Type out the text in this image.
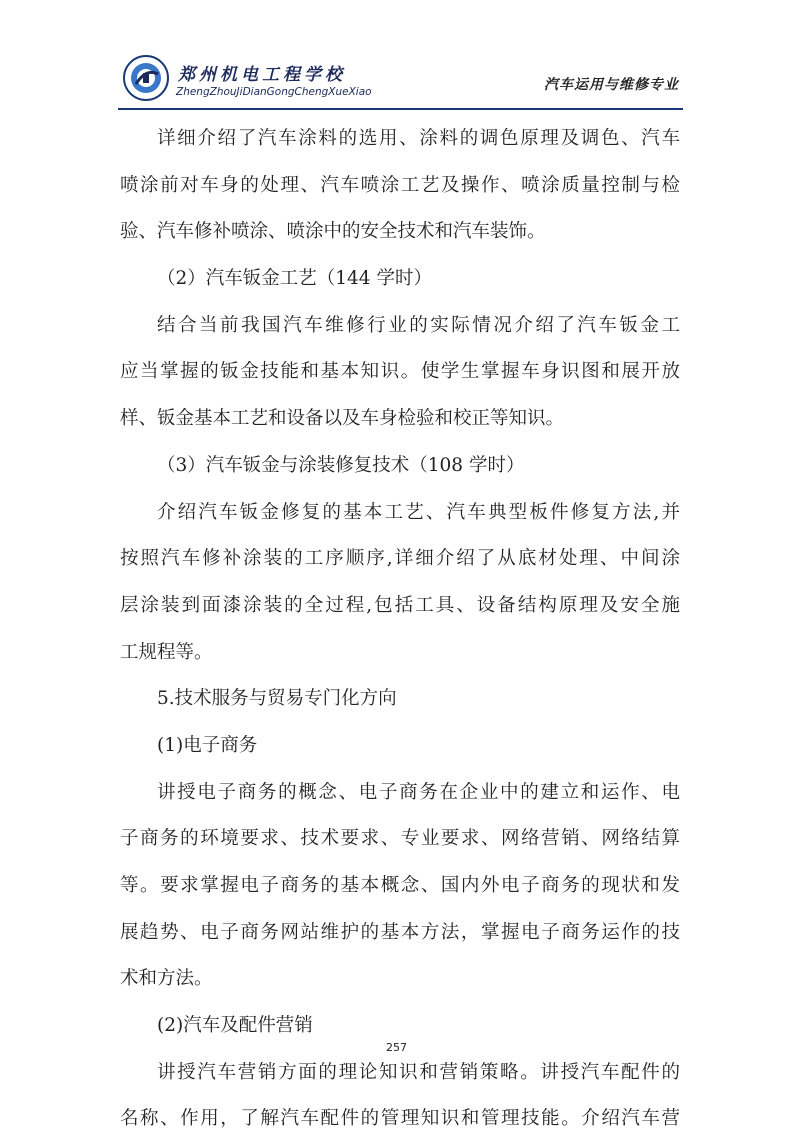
郑州机电工程学校
ZhengZhouJiDianGongChengXueXiao	汽车运用与维修专业
详细介绍了汽车涂料的选用、涂料的调色原理及调色、汽车
喷涂前对车身的处理、汽车喷涂工艺及操作、喷涂质量控制与检
验、汽车修补喷涂、喷涂中的安全技术和汽车装饰。
（2）汽车钣金工艺（144 学时）
结合当前我国汽车维修行业的实际情况介绍了汽车钣金工
应当掌握的钣金技能和基本知识。使学生掌握车身识图和展开放
样、钣金基本工艺和设备以及车身检验和校正等知识。
（3）汽车钣金与涂装修复技术（108 学时）
介绍汽车钣金修复的基本工艺、汽车典型板件修复方法,并
按照汽车修补涂装的工序顺序,详细介绍了从底材处理、中间涂
层涂装到面漆涂装的全过程,包括工具、设备结构原理及安全施
工规程等。
5.技术服务与贸易专门化方向
(1)电子商务
讲授电子商务的概念、电子商务在企业中的建立和运作、电
子商务的环境要求、技术要求、专业要求、网络营销、网络结算
等。要求掌握电子商务的基本概念、国内外电子商务的现状和发
展趋势、电子商务网站维护的基本方法，掌握电子商务运作的技
术和方法。
(2)汽车及配件营销
讲授汽车营销方面的理论知识和营销策略。讲授汽车配件的
名称、作用，了解汽车配件的管理知识和管理技能。介绍汽车营
257
